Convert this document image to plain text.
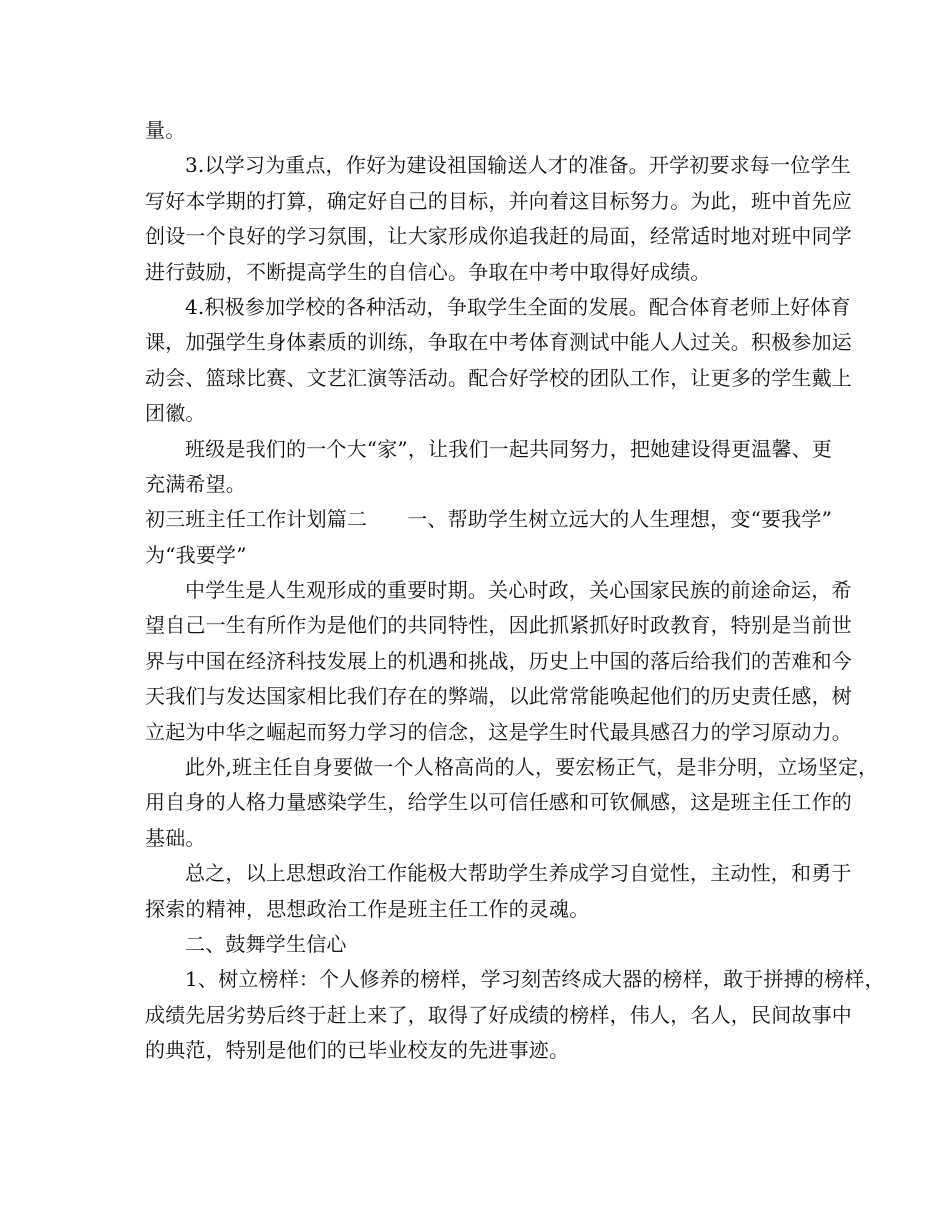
量。
3.以学习为重点，作好为建设祖国输送人才的准备。开学初要求每一位学生
写好本学期的打算，确定好自己的目标，并向着这目标努力。为此，班中首先应
创设一个良好的学习氛围，让大家形成你追我赶的局面，经常适时地对班中同学
进行鼓励，不断提高学生的自信心。争取在中考中取得好成绩。
4.积极参加学校的各种活动，争取学生全面的发展。配合体育老师上好体育
课，加强学生身体素质的训练，争取在中考体育测试中能人人过关。积极参加运
动会、篮球比赛、文艺汇演等活动。配合好学校的团队工作，让更多的学生戴上
团徽。
班级是我们的一个大“家”，让我们一起共同努力，把她建设得更温馨、更
充满希望。
初三班主任工作计划篇二 一、帮助学生树立远大的人生理想，变“要我学”
为“我要学”
中学生是人生观形成的重要时期。关心时政，关心国家民族的前途命运，希
望自己一生有所作为是他们的共同特性，因此抓紧抓好时政教育，特别是当前世
界与中国在经济科技发展上的机遇和挑战，历史上中国的落后给我们的苦难和今
天我们与发达国家相比我们存在的弊端，以此常常能唤起他们的历史责任感，树
立起为中华之崛起而努力学习的信念，这是学生时代最具感召力的学习原动力。
此外,班主任自身要做一个人格高尚的人，要宏杨正气，是非分明，立场坚定，
用自身的人格力量感染学生，给学生以可信任感和可钦佩感，这是班主任工作的
基础。
总之，以上思想政治工作能极大帮助学生养成学习自觉性，主动性，和勇于
探索的精神，思想政治工作是班主任工作的灵魂。
二、鼓舞学生信心
1、树立榜样：个人修养的榜样，学习刻苦终成大器的榜样，敢于拼搏的榜样，
成绩先居劣势后终于赶上来了，取得了好成绩的榜样，伟人，名人，民间故事中
的典范，特别是他们的已毕业校友的先进事迹。
